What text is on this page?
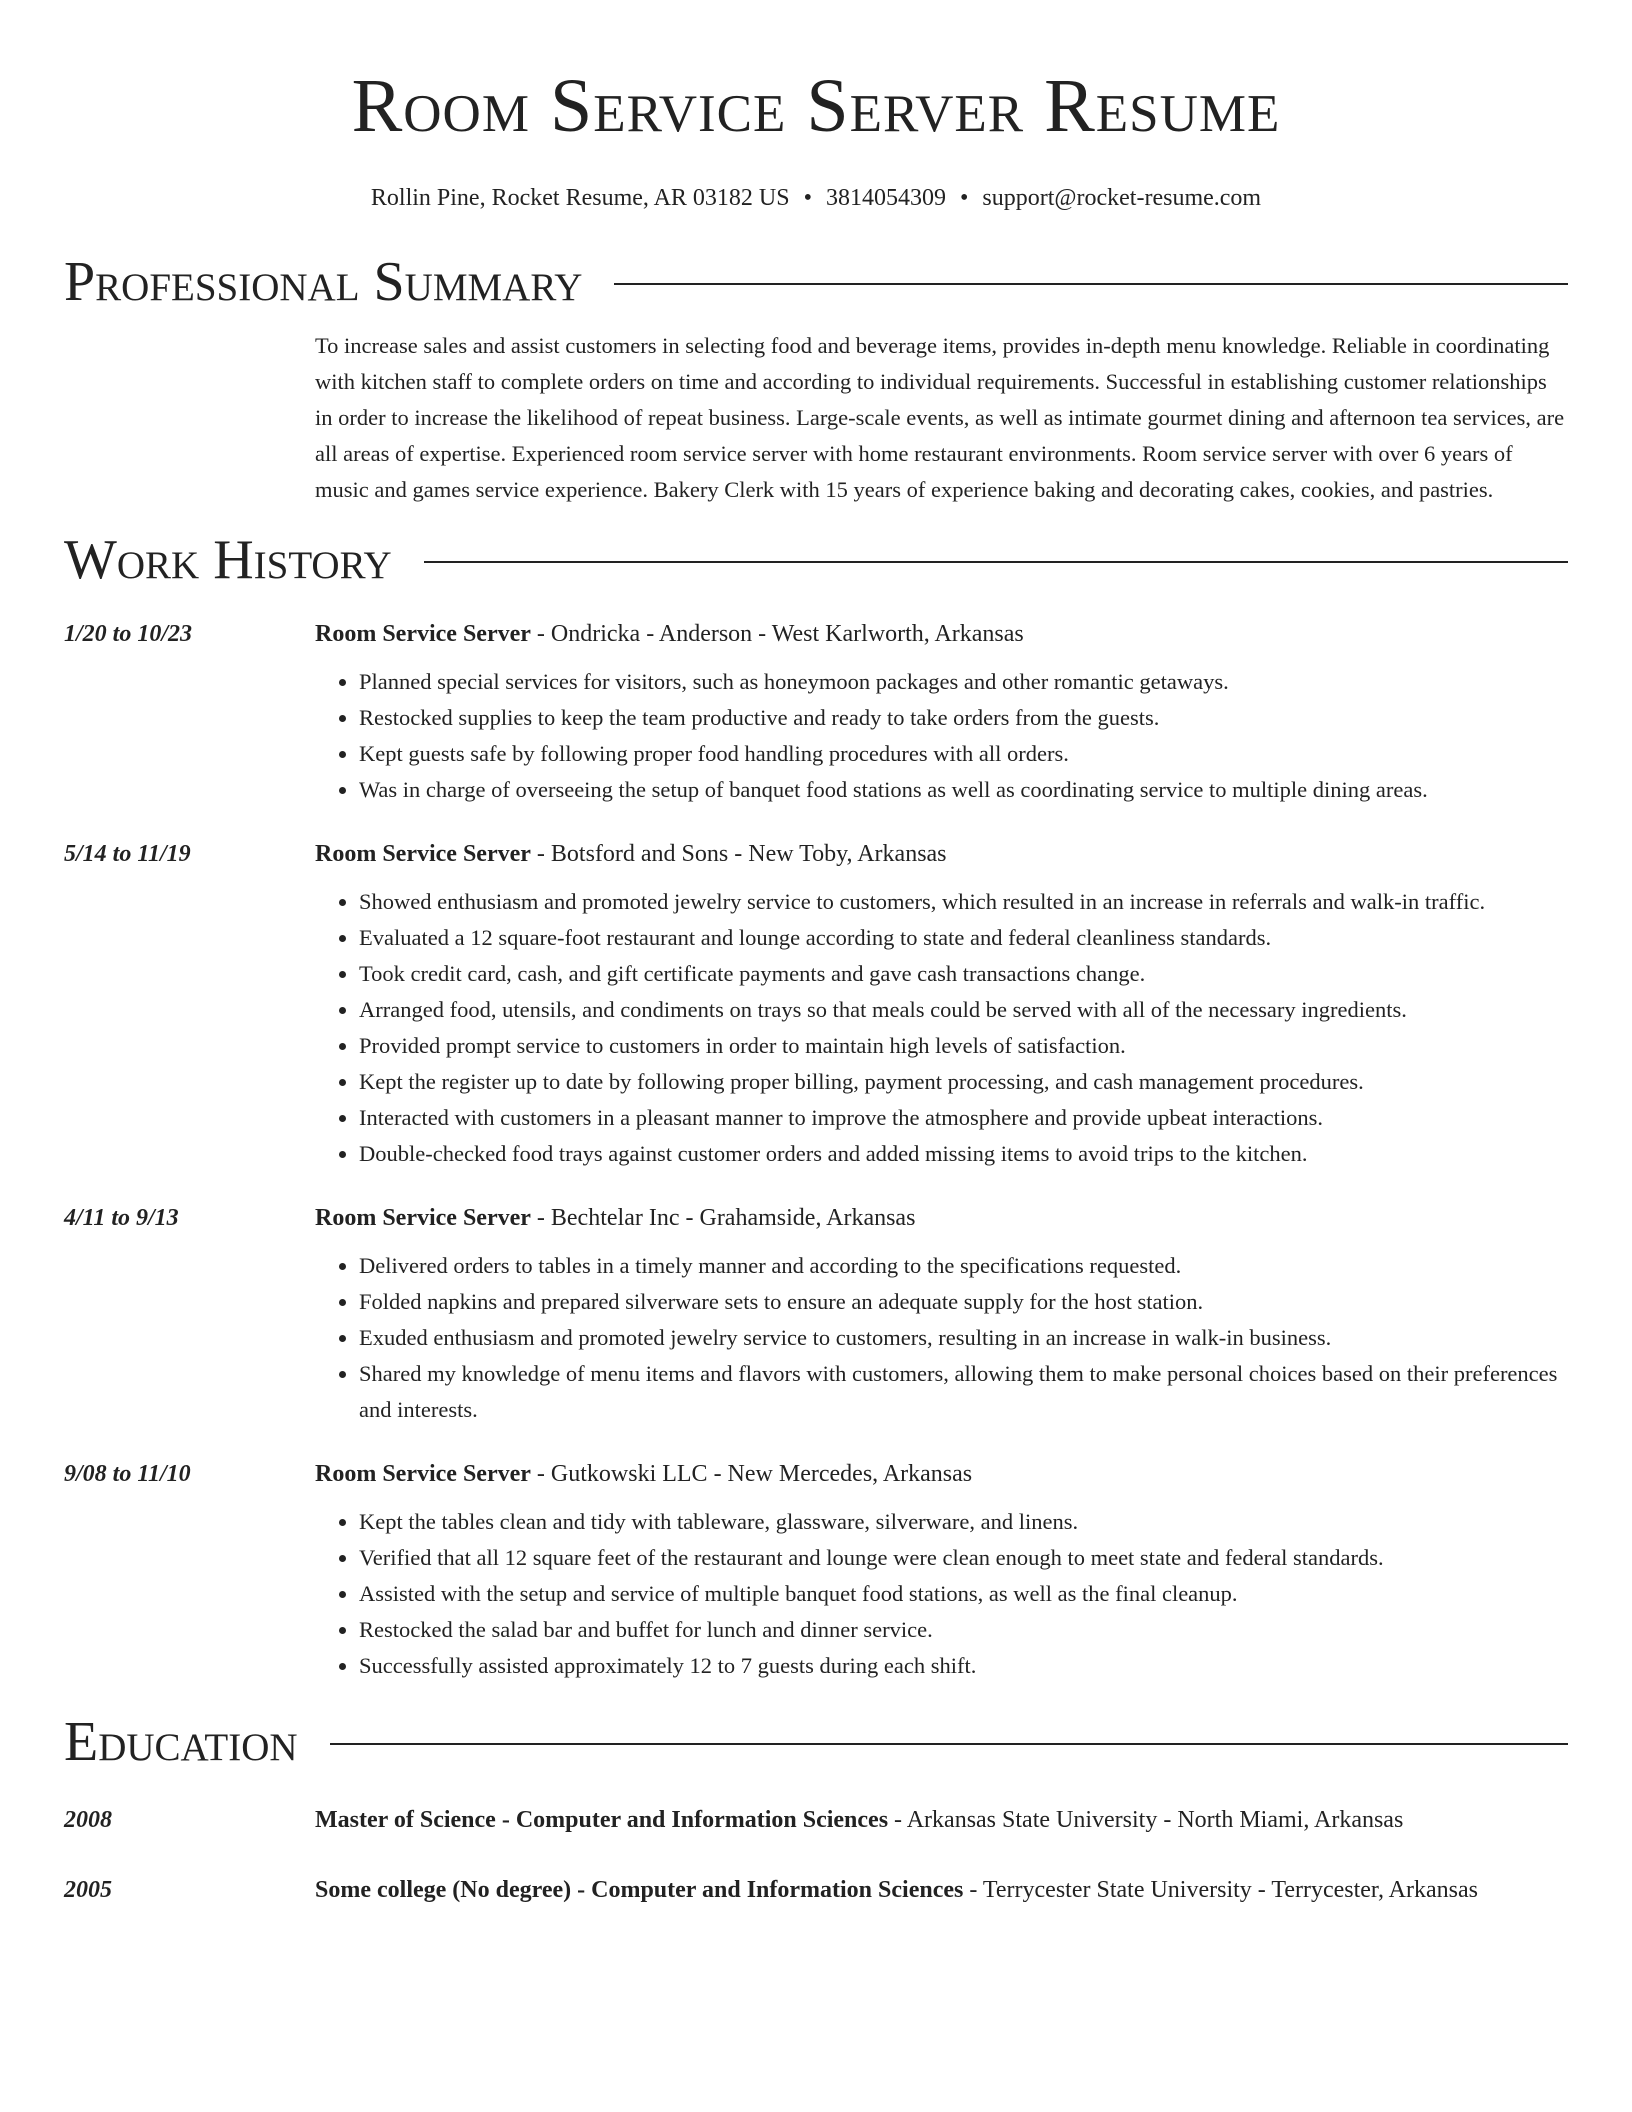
Room Service Server Resume
Rollin Pine, Rocket Resume, AR 03182 US • 3814054309 • support@rocket-resume.com
Professional Summary
To increase sales and assist customers in selecting food and beverage items, provides in-depth menu knowledge. Reliable in coordinating with kitchen staff to complete orders on time and according to individual requirements. Successful in establishing customer relationships in order to increase the likelihood of repeat business. Large-scale events, as well as intimate gourmet dining and afternoon tea services, are all areas of expertise. Experienced room service server with home restaurant environments. Room service server with over 6 years of music and games service experience. Bakery Clerk with 15 years of experience baking and decorating cakes, cookies, and pastries.
Work History
1/20 to 10/23	Room Service Server - Ondricka - Anderson - West Karlworth, Arkansas
• Planned special services for visitors, such as honeymoon packages and other romantic getaways.
• Restocked supplies to keep the team productive and ready to take orders from the guests.
• Kept guests safe by following proper food handling procedures with all orders.
• Was in charge of overseeing the setup of banquet food stations as well as coordinating service to multiple dining areas.
5/14 to 11/19	Room Service Server - Botsford and Sons - New Toby, Arkansas
• Showed enthusiasm and promoted jewelry service to customers, which resulted in an increase in referrals and walk-in traffic.
• Evaluated a 12 square-foot restaurant and lounge according to state and federal cleanliness standards.
• Took credit card, cash, and gift certificate payments and gave cash transactions change.
• Arranged food, utensils, and condiments on trays so that meals could be served with all of the necessary ingredients.
• Provided prompt service to customers in order to maintain high levels of satisfaction.
• Kept the register up to date by following proper billing, payment processing, and cash management procedures.
• Interacted with customers in a pleasant manner to improve the atmosphere and provide upbeat interactions.
• Double-checked food trays against customer orders and added missing items to avoid trips to the kitchen.
4/11 to 9/13	Room Service Server - Bechtelar Inc - Grahamside, Arkansas
• Delivered orders to tables in a timely manner and according to the specifications requested.
• Folded napkins and prepared silverware sets to ensure an adequate supply for the host station.
• Exuded enthusiasm and promoted jewelry service to customers, resulting in an increase in walk-in business.
• Shared my knowledge of menu items and flavors with customers, allowing them to make personal choices based on their preferences and interests.
9/08 to 11/10	Room Service Server - Gutkowski LLC - New Mercedes, Arkansas
• Kept the tables clean and tidy with tableware, glassware, silverware, and linens.
• Verified that all 12 square feet of the restaurant and lounge were clean enough to meet state and federal standards.
• Assisted with the setup and service of multiple banquet food stations, as well as the final cleanup.
• Restocked the salad bar and buffet for lunch and dinner service.
• Successfully assisted approximately 12 to 7 guests during each shift.
Education
2008	Master of Science - Computer and Information Sciences - Arkansas State University - North Miami, Arkansas
2005	Some college (No degree) - Computer and Information Sciences - Terrycester State University - Terrycester, Arkansas
